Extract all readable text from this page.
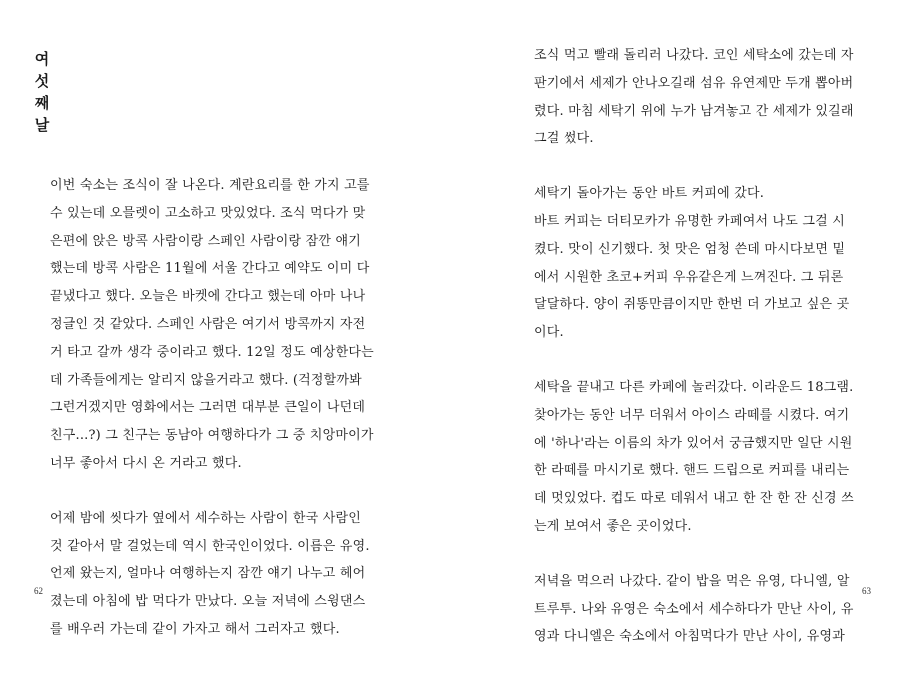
여
섯
째
날

이번 숙소는 조식이 잘 나온다. 계란요리를 한 가지 고를
수 있는데 오믈렛이 고소하고 맛있었다. 조식 먹다가 맞
은편에 앉은 방콕 사람이랑 스페인 사람이랑 잠깐 얘기
했는데 방콕 사람은 11월에 서울 간다고 예약도 이미 다
끝냈다고 했다. 오늘은 바켓에 간다고 했는데 아마 나나
정글인 것 같았다. 스페인 사람은 여기서 방콕까지 자전
거 타고 갈까 생각 중이라고 했다. 12일 정도 예상한다는
데 가족들에게는 알리지 않을거라고 했다. (걱정할까봐
그런거겠지만 영화에서는 그러면 대부분 큰일이 나던데
친구...?) 그 친구는 동남아 여행하다가 그 중 치앙마이가
너무 좋아서 다시 온 거라고 했다.

어제 밤에 씻다가 옆에서 세수하는 사람이 한국 사람인
것 같아서 말 걸었는데 역시 한국인이었다. 이름은 유영.
언제 왔는지, 얼마나 여행하는지 잠깐 얘기 나누고 헤어
졌는데 아침에 밥 먹다가 만났다. 오늘 저녁에 스윙댄스
를 배우러 가는데 같이 가자고 해서 그러자고 했다.

62

조식 먹고 빨래 돌리러 나갔다. 코인 세탁소에 갔는데 자
판기에서 세제가 안나오길래 섬유 유연제만 두개 뽑아버
렸다. 마침 세탁기 위에 누가 남겨놓고 간 세제가 있길래
그걸 썼다.

세탁기 돌아가는 동안 바트 커피에 갔다.
바트 커피는 더티모카가 유명한 카페여서 나도 그걸 시
켰다. 맛이 신기했다. 첫 맛은 엄청 쓴데 마시다보면 밑
에서 시원한 초코+커피 우유같은게 느껴진다. 그 뒤론
달달하다. 양이 쥐똥만큼이지만 한번 더 가보고 싶은 곳
이다.

세탁을 끝내고 다른 카페에 놀러갔다. 이라운드 18그램.
찾아가는 동안 너무 더워서 아이스 라떼를 시켰다. 여기
에 '하나'라는 이름의 차가 있어서 궁금했지만 일단 시원
한 라떼를 마시기로 했다. 핸드 드립으로 커피를 내리는
데 멋있었다. 컵도 따로 데워서 내고 한 잔 한 잔 신경 쓰
는게 보여서 좋은 곳이었다.

저녁을 먹으러 나갔다. 같이 밥을 먹은 유영, 다니엘, 알
트루투. 나와 유영은 숙소에서 세수하다가 만난 사이, 유
영과 다니엘은 숙소에서 아침먹다가 만난 사이, 유영과

63
